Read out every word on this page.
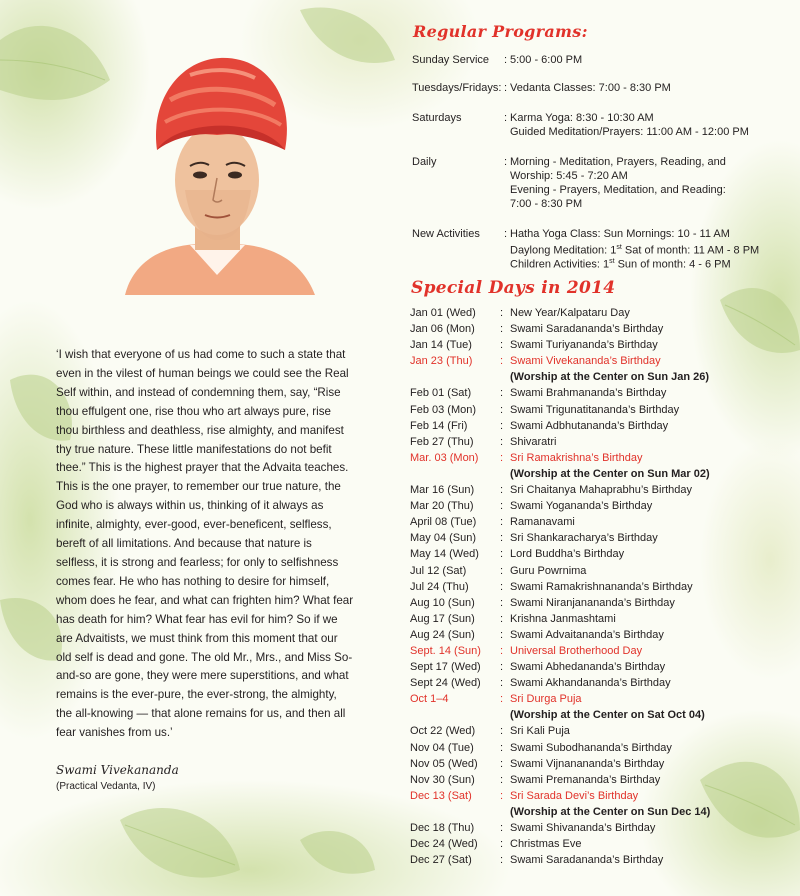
‘I wish that everyone of us had come to such a state that even in the vilest of human beings we could see the Real Self within, and instead of condemning them, say, “Rise thou effulgent one, rise thou who art always pure, rise thou birthless and deathless, rise almighty, and manifest thy true nature. These little manifestations do not befit thee.” This is the highest prayer that the Advaita teaches. This is the one prayer, to remember our true nature, the God who is always within us, thinking of it always as infinite, almighty, ever-good, ever-beneficent, selfless, bereft of all limitations. And because that nature is selfless, it is strong and fearless; for only to selfishness comes fear. He who has nothing to desire for himself, whom does he fear, and what can frighten him? What fear has death for him? What fear has evil for him? So if we are Advaitists, we must think from this moment that our old self is dead and gone. The old Mr., Mrs., and Miss So-and-so are gone, they were mere superstitions, and what remains is the ever-pure, the ever-strong, the almighty, the all-knowing — that alone remains for us, and then all fear vanishes from us.’

Swami Vivekananda
(Practical Vedanta, IV)
Regular Programs:
Sunday Service	: 5:00 - 6:00 PM
Tuesdays/Fridays: : Vedanta Classes: 7:00 - 8:30 PM
Saturdays	: Karma Yoga: 8:30 - 10:30 AM
Guided Meditation/Prayers: 11:00 AM - 12:00 PM
Daily	: Morning - Meditation, Prayers, Reading, and
Worship: 5:45 - 7:20 AM
Evening - Prayers, Meditation, and Reading:
7:00 - 8:30 PM
New Activities	: Hatha Yoga Class: Sun Mornings: 10 - 11 AM
Daylong Meditation: 1st Sat of month: 11 AM - 8 PM
Children Activities: 1st Sun of month: 4 - 6 PM
Special Days in 2014
Jan 01 (Wed)	: New Year/Kalpataru Day
Jan 06 (Mon)	: Swami Saradananda’s Birthday
Jan 14 (Tue)	: Swami Turiyananda’s Birthday
Jan 23 (Thu)	: Swami Vivekananda’s Birthday
(Worship at the Center on Sun Jan 26)
Feb 01 (Sat)	: Swami Brahmananda’s Birthday
Feb 03 (Mon)	: Swami Trigunatitananda’s Birthday
Feb 14 (Fri)	: Swami Adbhutananda’s Birthday
Feb 27 (Thu)	: Shivaratri
Mar. 03 (Mon)	: Sri Ramakrishna’s Birthday
(Worship at the Center on Sun Mar 02)
Mar 16 (Sun)	: Sri Chaitanya Mahaprabhu’s Birthday
Mar 20 (Thu)	: Swami Yogananda’s Birthday
April 08 (Tue)	: Ramanavami
May 04 (Sun)	: Sri Shankaracharya’s Birthday
May 14 (Wed)	: Lord Buddha’s Birthday
Jul 12 (Sat)	: Guru Powrnima
Jul 24 (Thu)	: Swami Ramakrishnananda’s Birthday
Aug 10 (Sun)	: Swami Niranjanananda’s Birthday
Aug 17 (Sun)	: Krishna Janmashtami
Aug 24 (Sun)	: Swami Advaitananda’s Birthday
Sept. 14 (Sun)	: Universal Brotherhood Day
Sept 17 (Wed)	: Swami Abhedananda’s Birthday
Sept 24 (Wed)	: Swami Akhandananda’s Birthday
Oct 1–4	: Sri Durga Puja
(Worship at the Center on Sat Oct 04)
Oct 22 (Wed)	: Sri Kali Puja
Nov 04 (Tue)	: Swami Subodhananda’s Birthday
Nov 05 (Wed)	: Swami Vijnanananda’s Birthday
Nov 30 (Sun)	: Swami Premananda’s Birthday
Dec 13 (Sat)	: Sri Sarada Devi’s Birthday
(Worship at the Center on Sun Dec 14)
Dec 18 (Thu)	: Swami Shivananda’s Birthday
Dec 24 (Wed)	: Christmas Eve
Dec 27 (Sat)	: Swami Saradananda’s Birthday
